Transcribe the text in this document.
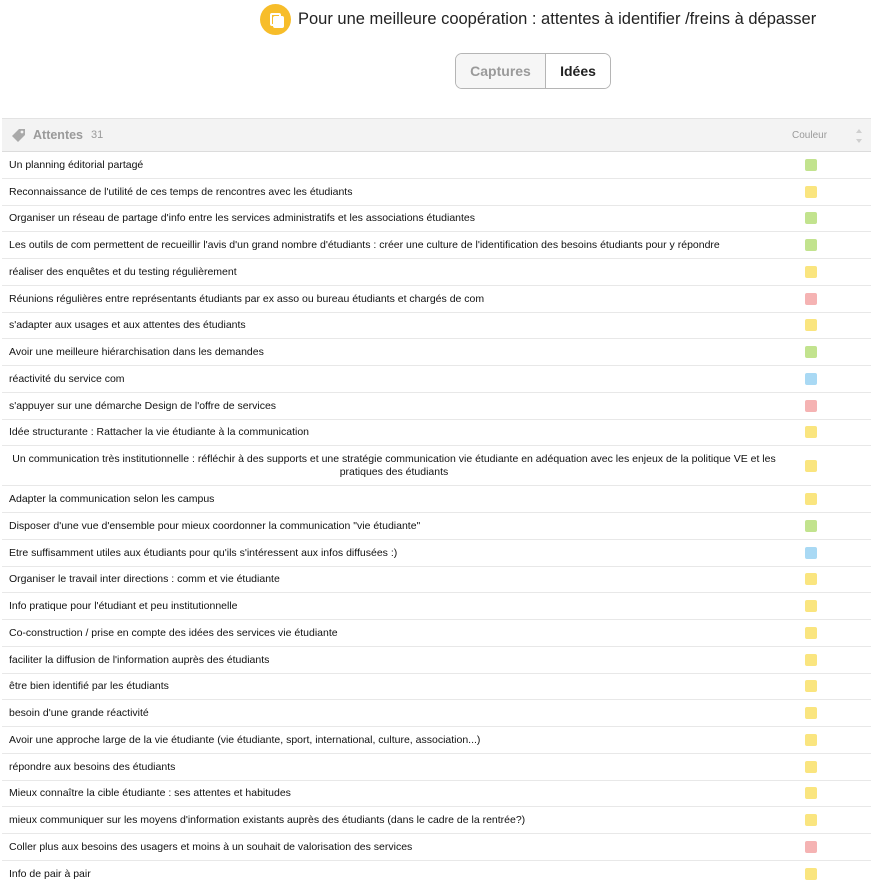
Pour une meilleure coopération : attentes à identifier /freins à dépasser
Captures	Idées
Attentes 31	Couleur
Un planning éditorial partagé
Reconnaissance de l'utilité de ces temps de rencontres avec les étudiants
Organiser un réseau de partage d'info entre les services administratifs et les associations étudiantes
Les outils de com permettent de recueillir l'avis d'un grand nombre d'étudiants : créer une culture de l'identification des besoins étudiants pour y répondre
réaliser des enquêtes et du testing régulièrement
Réunions régulières entre représentants étudiants par ex asso ou bureau étudiants et chargés de com
s'adapter aux usages et aux attentes des étudiants
Avoir une meilleure hiérarchisation dans les demandes
réactivité du service com
s'appuyer sur une démarche Design de l'offre de services
Idée structurante : Rattacher la vie étudiante à la communication
Un communication très institutionnelle : réfléchir à des supports et une stratégie communication vie étudiante en adéquation avec les enjeux de la politique VE et les pratiques des étudiants
Adapter la communication selon les campus
Disposer d'une vue d'ensemble pour mieux coordonner la communication "vie étudiante"
Etre suffisamment utiles aux étudiants pour qu'ils s'intéressent aux infos diffusées :)
Organiser le travail inter directions : comm et vie étudiante
Info pratique pour l'étudiant et peu institutionnelle
Co-construction / prise en compte des idées des services vie étudiante
faciliter la diffusion de l'information auprès des étudiants
être bien identifié par les étudiants
besoin d'une grande réactivité
Avoir une approche large de la vie étudiante (vie étudiante, sport, international, culture, association...)
répondre aux besoins des étudiants
Mieux connaître la cible étudiante : ses attentes et habitudes
mieux communiquer sur les moyens d'information existants auprès des étudiants (dans le cadre de la rentrée?)
Coller plus aux besoins des usagers et moins à un souhait de valorisation des services
Info de pair à pair
